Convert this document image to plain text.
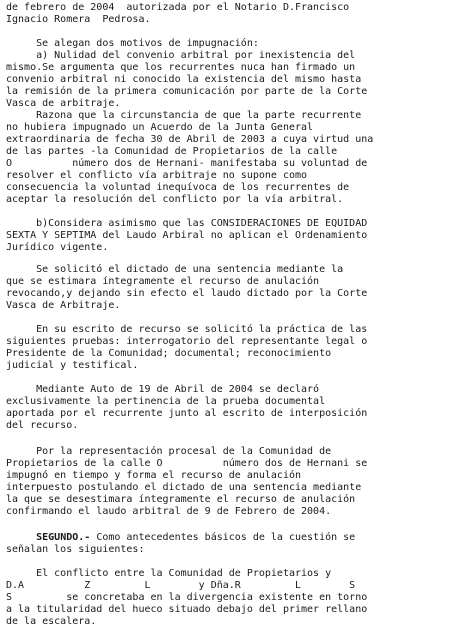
de febrero de 2004  autorizada por el Notario D.Francisco
Ignacio Romera  Pedrosa.
Se alegan dos motivos de impugnación:
a) Nulidad del convenio arbitral por inexistencia del
mismo.Se argumenta que los recurrentes nuca han firmado un
convenio arbitral ni conocido la existencia del mismo hasta
la remisión de la primera comunicación por parte de la Corte
Vasca de arbitraje.
Razona que la circunstancia de que la parte recurrente
no hubiera impugnado un Acuerdo de la Junta General
extraordinaria de fecha 30 de Abril de 2003 a cuya virtud una
de las partes -la Comunidad de Propietarios de la calle
O          número dos de Hernani- manifestaba su voluntad de
resolver el conflicto vía arbitraje no supone como
consecuencia la voluntad inequívoca de los recurrentes de
aceptar la resolución del conflicto por la vía arbitral.
b)Considera asimismo que las CONSIDERACIONES DE EQUIDAD
SEXTA Y SEPTIMA del Laudo Arbiral no aplican el Ordenamiento
Jurídico vigente.
Se solicitó el dictado de una sentencia mediante la
que se estimara íntegramente el recurso de anulación
revocando,y dejando sin efecto el laudo dictado por la Corte
Vasca de Arbitraje.
En su escrito de recurso se solicitó la práctica de las
siguientes pruebas: interrogatorio del representante legal o
Presidente de la Comunidad; documental; reconocimiento
judicial y testifical.
Mediante Auto de 19 de Abril de 2004 se declaró
exclusivamente la pertinencia de la prueba documental
aportada por el recurrente junto al escrito de interposición
del recurso.
Por la representación procesal de la Comunidad de
Propietarios de la calle O          número dos de Hernani se
impugnó en tiempo y forma el recurso de anulación
interpuesto postulando el dictado de una sentencia mediante
la que se desestimara íntegramente el recurso de anulación
confirmando el laudo arbitral de 9 de Febrero de 2004.
SEGUNDO.- Como antecedentes básicos de la cuestión se
señalan los siguientes:
El conflicto entre la Comunidad de Propietarios y
D.A          Z         L        y Dña.R         L        S
S         se concretaba en la divergencia existente en torno
a la titularidad del hueco situado debajo del primer rellano
de la escalera.
